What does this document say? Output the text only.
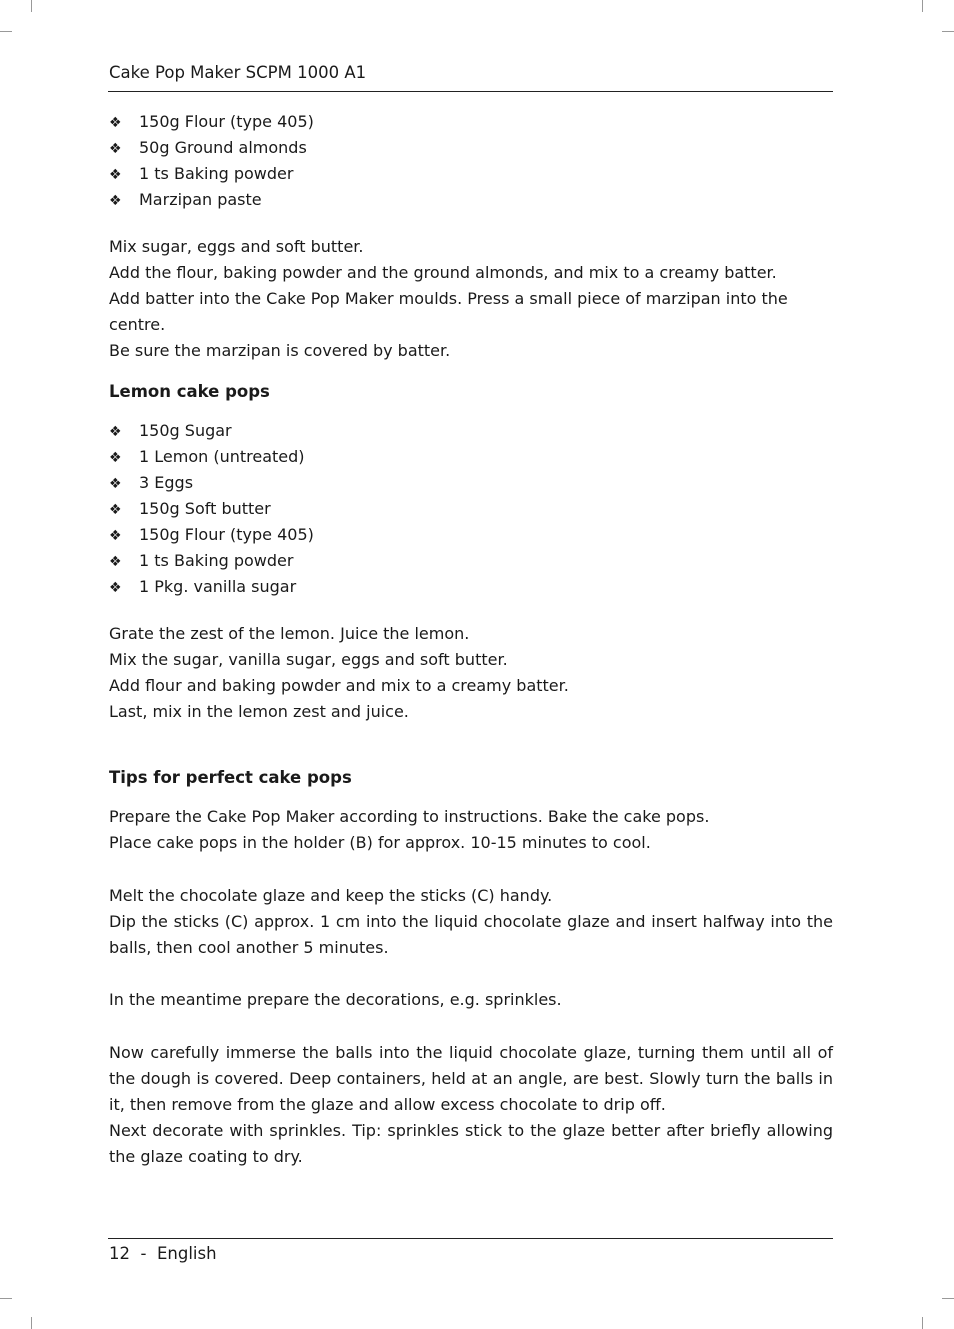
Cake Pop Maker SCPM 1000 A1
❖	150g Flour (type 405)
❖	50g Ground almonds
❖	1 ts Baking powder
❖	Marzipan paste

Mix sugar, eggs and soft butter.

Add the flour, baking powder and the ground almonds, and mix to a creamy batter.

Add batter into the Cake Pop Maker moulds. Press a small piece of marzipan into the centre.

Be sure the marzipan is covered by batter.

Lemon cake pops
❖	150g Sugar
❖	1 Lemon (untreated)
❖	3 Eggs
❖	150g Soft butter
❖	150g Flour (type 405)
❖	1 ts Baking powder
❖	1 Pkg. vanilla sugar

Grate the zest of the lemon. Juice the lemon.

Mix the sugar, vanilla sugar, eggs and soft butter.

Add flour and baking powder and mix to a creamy batter.

Last, mix in the lemon zest and juice.

Tips for perfect cake pops

Prepare the Cake Pop Maker according to instructions. Bake the cake pops.

Place cake pops in the holder (B) for approx. 10-15 minutes to cool.

Melt the chocolate glaze and keep the sticks (C) handy.

Dip the sticks (C) approx. 1 cm into the liquid chocolate glaze and insert halfway into the balls, then cool another 5 minutes.

In the meantime prepare the decorations, e.g. sprinkles.

Now carefully immerse the balls into the liquid chocolate glaze, turning them until all of the dough is covered. Deep containers, held at an angle, are best. Slowly turn the balls in it, then remove from the glaze and allow excess chocolate to drip off.

Next decorate with sprinkles. Tip: sprinkles stick to the glaze better after briefly allowing the glaze coating to dry.

12 - English
